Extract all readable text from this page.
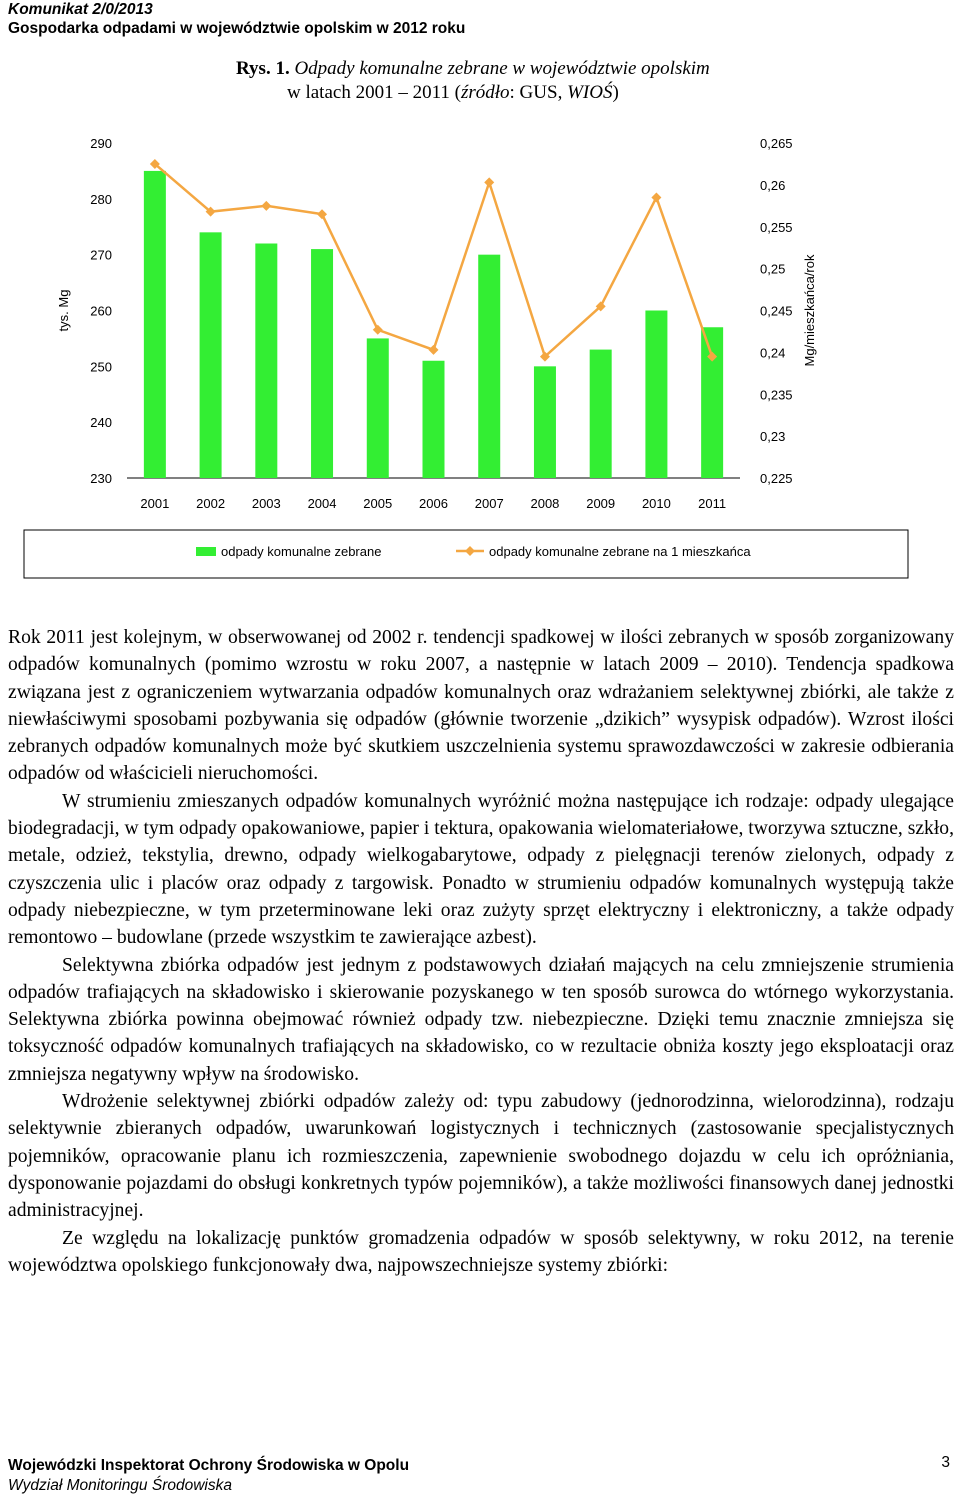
Komunikat 2/0/2013
Gospodarka odpadami w województwie opolskim w 2012 roku
Rys. 1. Odpady komunalne zebrane w województwie opolskim
w latach 2001 – 2011 (źródło: GUS, WIOŚ)
230
240
250
260
270
280
290
0,225
0,23
0,235
0,24
0,245
0,25
0,255
0,26
0,265
2001 2002 2003 2004 2005 2006 2007 2008 2009 2010 2011
tys. Mg	Mg/mieszkańca/rok
odpady komunalne zebrane	odpady komunalne zebrane na 1 mieszkańca

Rok 2011 jest kolejnym, w obserwowanej od 2002 r. tendencji spadkowej w ilości zebranych w sposób zorganizowany odpadów komunalnych (pomimo wzrostu w roku 2007, a następnie w latach 2009 – 2010). Tendencja spadkowa związana jest z ograniczeniem wytwarzania odpadów komunalnych oraz wdrażaniem selektywnej zbiórki, ale także z niewłaściwymi sposobami pozbywania się odpadów (głównie tworzenie „dzikich” wysypisk odpadów). Wzrost ilości zebranych odpadów komunalnych może być skutkiem uszczelnienia systemu sprawozdawczości w zakresie odbierania odpadów od właścicieli nieruchomości.

W strumieniu zmieszanych odpadów komunalnych wyróżnić można następujące ich rodzaje: odpady ulegające biodegradacji, w tym odpady opakowaniowe, papier i tektura, opakowania wielomateriałowe, tworzywa sztuczne, szkło, metale, odzież, tekstylia, drewno, odpady wielkogabarytowe, odpady z pielęgnacji terenów zielonych, odpady z czyszczenia ulic i placów oraz odpady z targowisk. Ponadto w strumieniu odpadów komunalnych występują także odpady niebezpieczne, w tym przeterminowane leki oraz zużyty sprzęt elektryczny i elektroniczny, a także odpady remontowo – budowlane (przede wszystkim te zawierające azbest).

Selektywna zbiórka odpadów jest jednym z podstawowych działań mających na celu zmniejszenie strumienia odpadów trafiających na składowisko i skierowanie pozyskanego w ten sposób surowca do wtórnego wykorzystania. Selektywna zbiórka powinna obejmować również odpady tzw. niebezpieczne. Dzięki temu znacznie zmniejsza się toksyczność odpadów komunalnych trafiających na składowisko, co w rezultacie obniża koszty jego eksploatacji oraz zmniejsza negatywny wpływ na środowisko.

Wdrożenie selektywnej zbiórki odpadów zależy od: typu zabudowy (jednorodzinna, wielorodzinna), rodzaju selektywnie zbieranych odpadów, uwarunkowań logistycznych i technicznych (zastosowanie specjalistycznych pojemników, opracowanie planu ich rozmieszczenia, zapewnienie swobodnego dojazdu w celu ich opróżniania, dysponowanie pojazdami do obsługi konkretnych typów pojemników), a także możliwości finansowych danej jednostki administracyjnej.

Ze względu na lokalizację punktów gromadzenia odpadów w sposób selektywny, w roku 2012, na terenie województwa opolskiego funkcjonowały dwa, najpowszechniejsze systemy zbiórki:

Wojewódzki Inspektorat Ochrony Środowiska w Opolu
Wydział Monitoringu Środowiska
3
